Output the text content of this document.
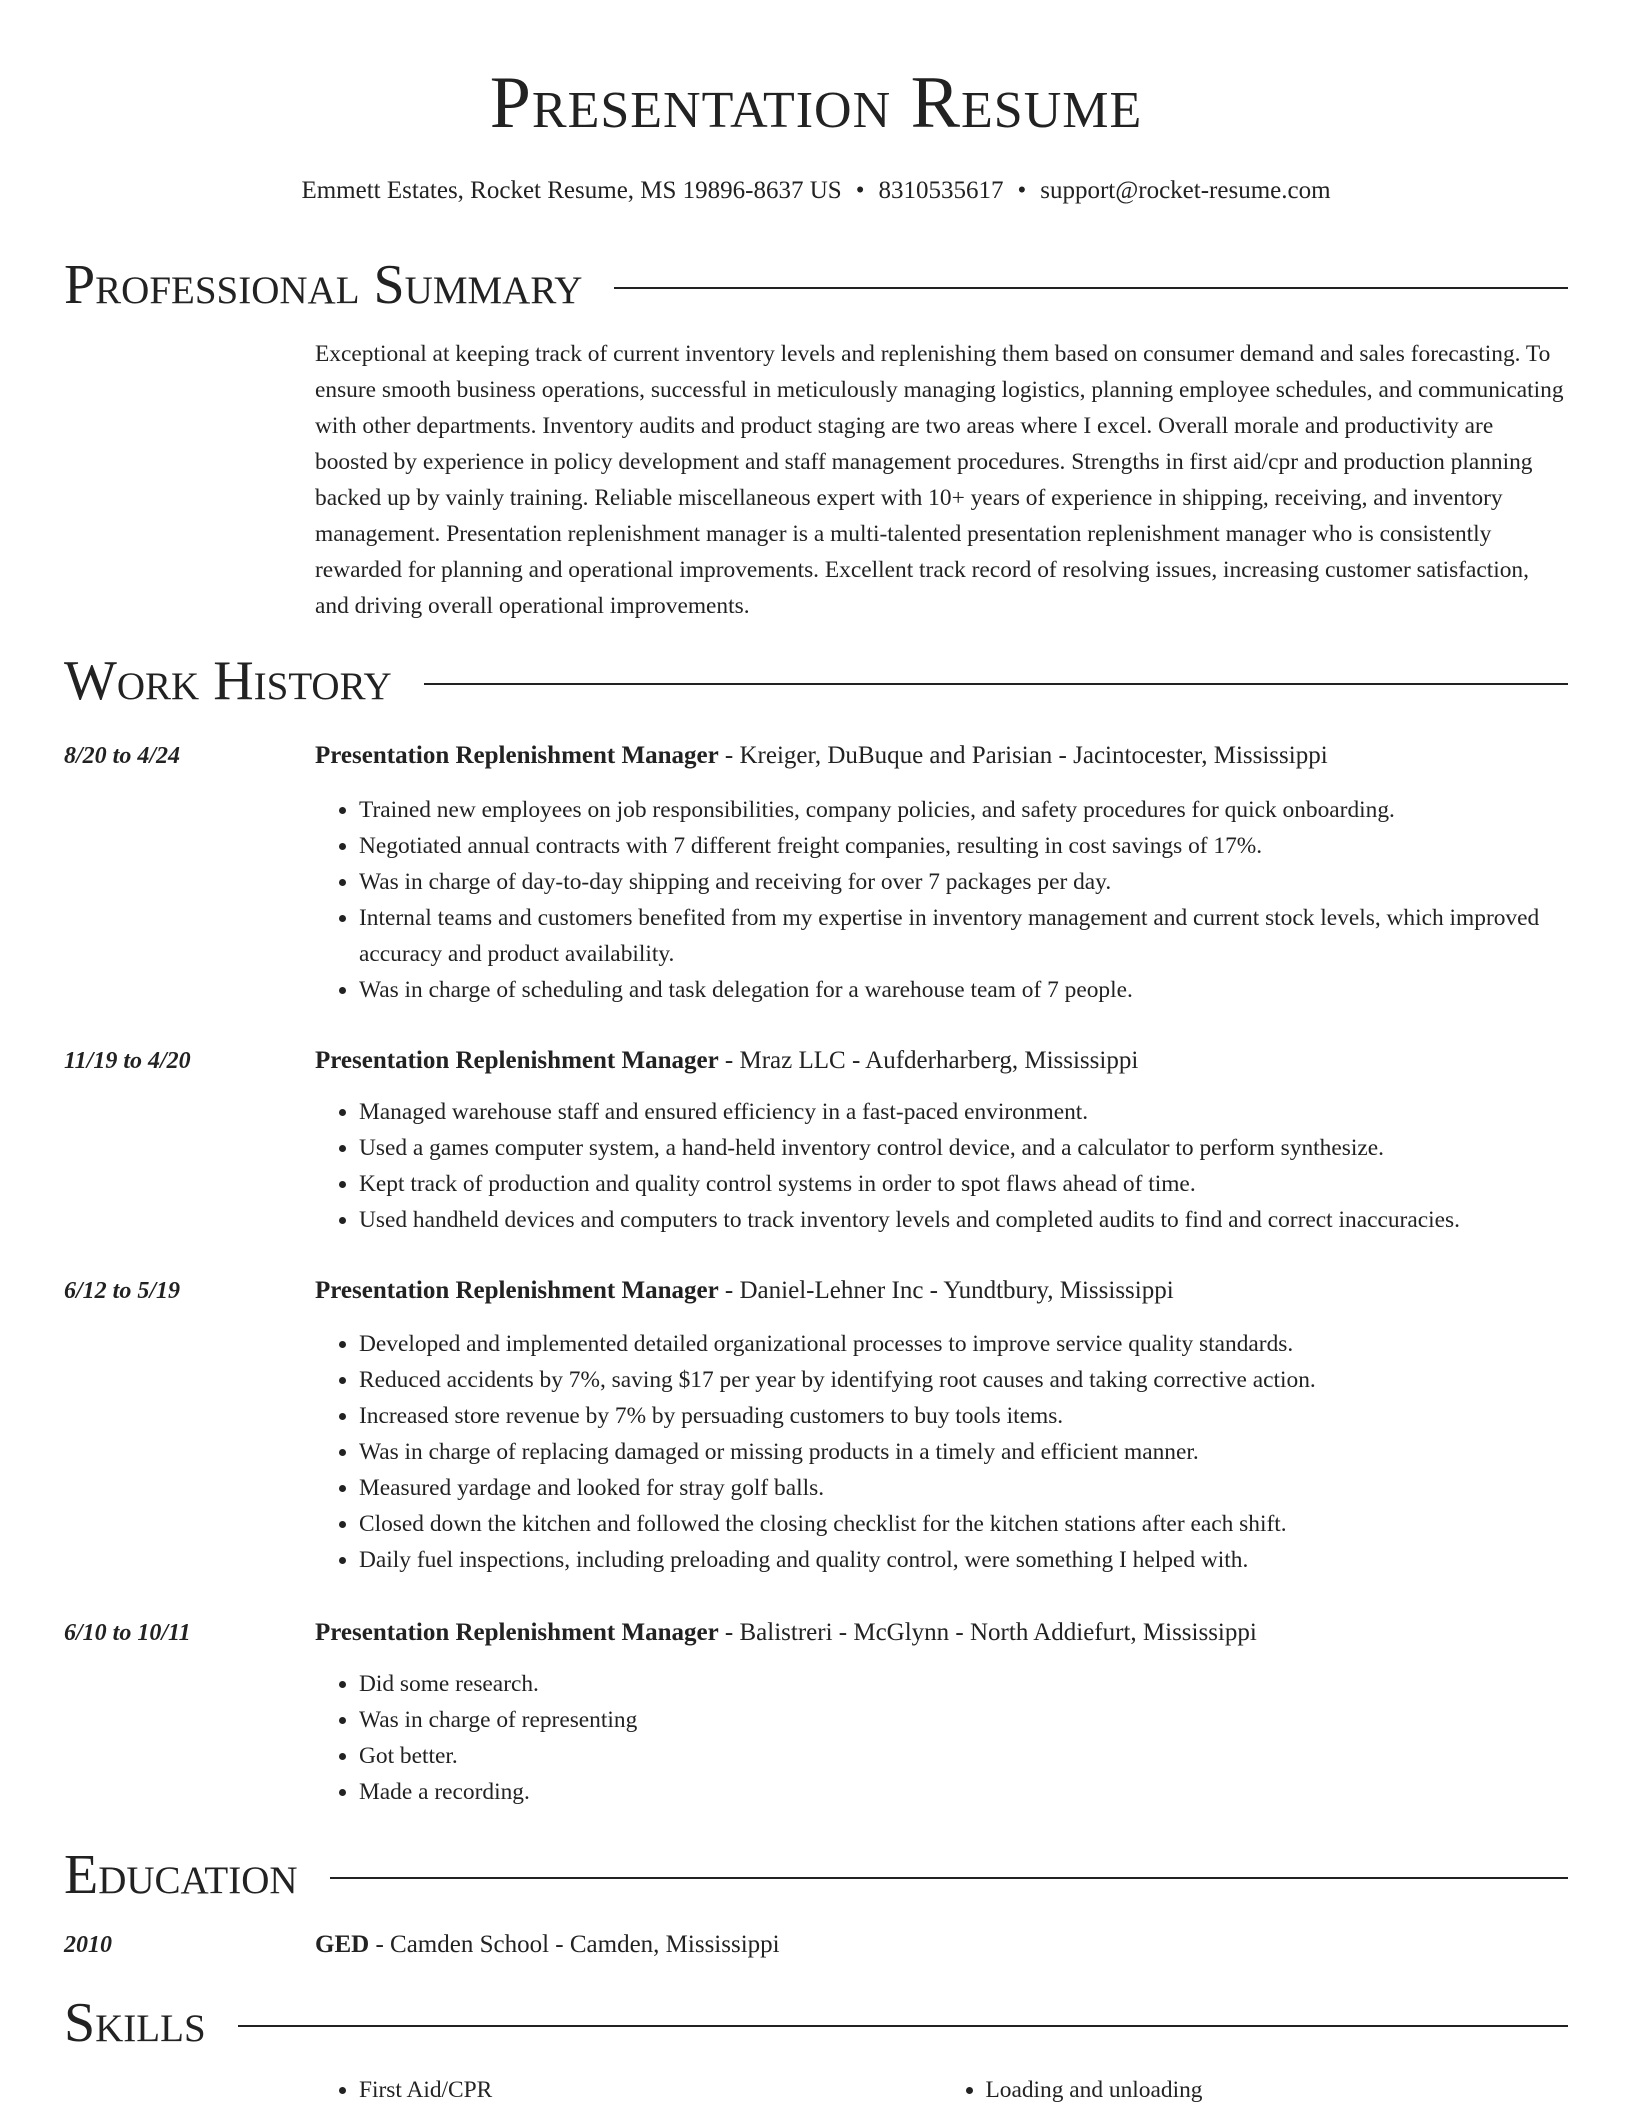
Presentation Resume
Emmett Estates, Rocket Resume, MS 19896-8637 US • 8310535617 • support@rocket-resume.com
Professional Summary

Exceptional at keeping track of current inventory levels and replenishing them based on consumer demand and sales forecasting. To ensure smooth business operations, successful in meticulously managing logistics, planning employee schedules, and communicating with other departments. Inventory audits and product staging are two areas where I excel. Overall morale and productivity are boosted by experience in policy development and staff management procedures. Strengths in first aid/cpr and production planning backed up by vainly training. Reliable miscellaneous expert with 10+ years of experience in shipping, receiving, and inventory management. Presentation replenishment manager is a multi-talented presentation replenishment manager who is consistently rewarded for planning and operational improvements. Excellent track record of resolving issues, increasing customer satisfaction, and driving overall operational improvements.

Work History
8/20 to 4/24	Presentation Replenishment Manager - Kreiger, DuBuque and Parisian - Jacintocester, Mississippi
• Trained new employees on job responsibilities, company policies, and safety procedures for quick onboarding.
• Negotiated annual contracts with 7 different freight companies, resulting in cost savings of 17%.
• Was in charge of day-to-day shipping and receiving for over 7 packages per day.
• Internal teams and customers benefited from my expertise in inventory management and current stock levels, which improved accuracy and product availability.
• Was in charge of scheduling and task delegation for a warehouse team of 7 people.
11/19 to 4/20	Presentation Replenishment Manager - Mraz LLC - Aufderharberg, Mississippi
• Managed warehouse staff and ensured efficiency in a fast-paced environment.
• Used a games computer system, a hand-held inventory control device, and a calculator to perform synthesize.
• Kept track of production and quality control systems in order to spot flaws ahead of time.
• Used handheld devices and computers to track inventory levels and completed audits to find and correct inaccuracies.
6/12 to 5/19	Presentation Replenishment Manager - Daniel-Lehner Inc - Yundtbury, Mississippi
• Developed and implemented detailed organizational processes to improve service quality standards.
• Reduced accidents by 7%, saving $17 per year by identifying root causes and taking corrective action.
• Increased store revenue by 7% by persuading customers to buy tools items.
• Was in charge of replacing damaged or missing products in a timely and efficient manner.
• Measured yardage and looked for stray golf balls.
• Closed down the kitchen and followed the closing checklist for the kitchen stations after each shift.
• Daily fuel inspections, including preloading and quality control, were something I helped with.
6/10 to 10/11	Presentation Replenishment Manager - Balistreri - McGlynn - North Addiefurt, Mississippi
• Did some research.
• Was in charge of representing
• Got better.
• Made a recording.
Education
2010	GED - Camden School - Camden, Mississippi
Skills
• First Aid/CPR
•	Loading and unloading
